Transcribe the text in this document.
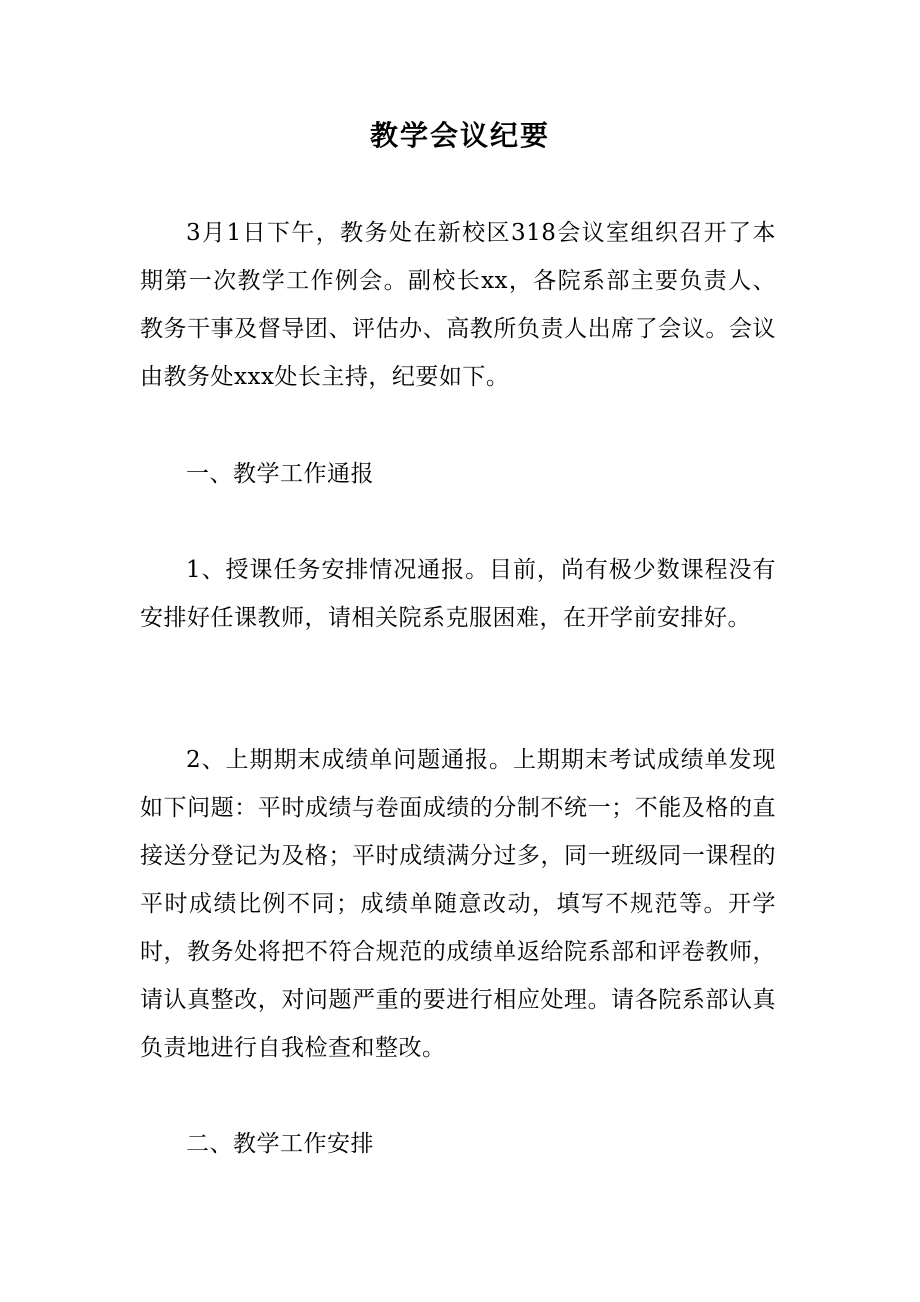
教学会议纪要

3月1日下午，教务处在新校区318会议室组织召开了本期第一次教学工作例会。副校长xx，各院系部主要负责人、教务干事及督导团、评估办、高教所负责人出席了会议。会议由教务处xxx处长主持，纪要如下。

一、教学工作通报

1、授课任务安排情况通报。目前，尚有极少数课程没有安排好任课教师，请相关院系克服困难，在开学前安排好。

2、上期期末成绩单问题通报。上期期末考试成绩单发现如下问题：平时成绩与卷面成绩的分制不统一；不能及格的直接送分登记为及格；平时成绩满分过多，同一班级同一课程的平时成绩比例不同；成绩单随意改动，填写不规范等。开学时，教务处将把不符合规范的成绩单返给院系部和评卷教师，请认真整改，对问题严重的要进行相应处理。请各院系部认真负责地进行自我检查和整改。

二、教学工作安排
